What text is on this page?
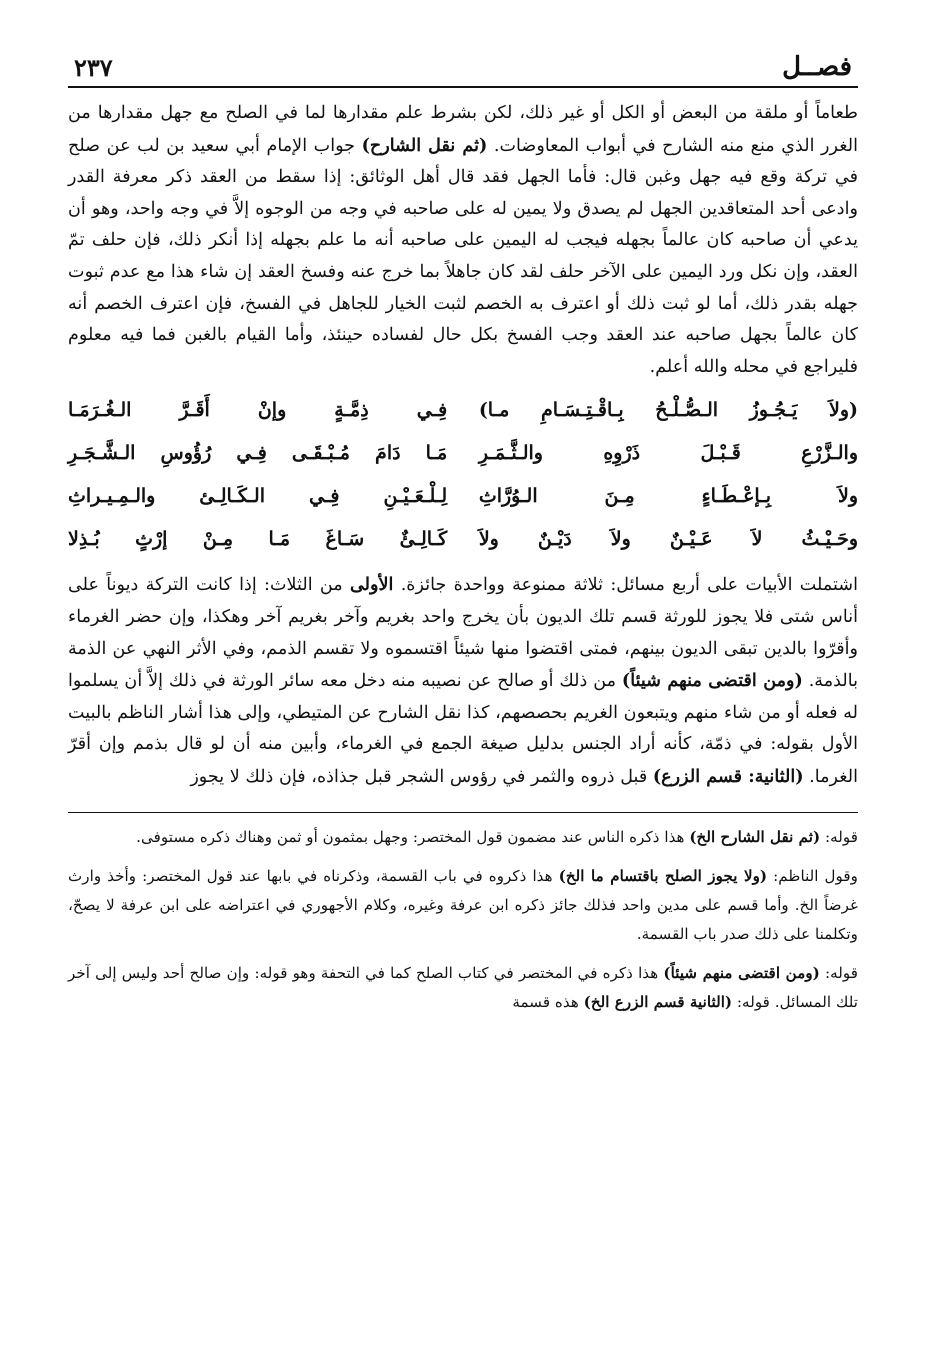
فصــل
٢٣٧

طعاماً أو ملقة من البعض أو الكل أو غير ذلك، لكن بشرط علم مقدارها لما في الصلح مع جهل مقدارها من الغرر الذي منع منه الشارح في أبواب المعاوضات. (ثم نقل الشارح) جواب الإمام أبي سعيد بن لب عن صلح في تركة وقع فيه جهل وغبن قال: فأما الجهل فقد قال أهل الوثائق: إذا سقط من العقد ذكر معرفة القدر وادعى أحد المتعاقدين الجهل لم يصدق ولا يمين له على صاحبه في وجه من الوجوه إلاَّ في وجه واحد، وهو أن يدعي أن صاحبه كان عالماً بجهله فيجب له اليمين على صاحبه أنه ما علم بجهله إذا أنكر ذلك، فإن حلف تمّ العقد، وإن نكل ورد اليمين على الآخر حلف لقد كان جاهلاً بما خرج عنه وفسخ العقد إن شاء هذا مع عدم ثبوت جهله بقدر ذلك، أما لو ثبت ذلك أو اعترف به الخصم لثبت الخيار للجاهل في الفسخ، فإن اعترف الخصم أنه كان عالماً بجهل صاحبه عند العقد وجب الفسخ بكل حال لفساده حينئذ، وأما القيام بالغبن فما فيه معلوم فليراجع في محله والله أعلم.

(ولاَ يَـجُـوزُ الـصُّـلْـحُ بِـاقْـتِـسَـامِ مـا)
فِـي ذِمَّـةٍ وإنْ أَقَـرَّ الـغُـرَمَـا
والـزَّرْعِ قَـبْـلَ ذَرْوِهِ والـثَّـمَـرِ
مَـا دَامَ مُـبْـقَـى فِـي رُؤُوسِ الـشَّـجَـرِ
ولاَ بِـإعْـطَـاءٍ مِـنَ الـوُرَّاثِ
لِـلْـعَـيْـنِ فِـي الـكَـالِـئ والـمِـيـراثِ
وحَـيْـثُ لاَ عَـيْـنٌ ولاَ دَيْـنٌ ولاَ
كَـالِـئٌ سَـاغَ مَـا مِـنْ إرْثٍ بُـذِلا

اشتملت الأبيات على أربع مسائل: ثلاثة ممنوعة وواحدة جائزة. الأولى من الثلاث: إذا كانت التركة ديوناً على أناس شتى فلا يجوز للورثة قسم تلك الديون بأن يخرج واحد بغريم وآخر بغريم آخر وهكذا، وإن حضر الغرماء وأقرّوا بالدين تبقى الديون بينهم، فمتى اقتضوا منها شيئاً اقتسموه ولا تقسم الذمم، وفي الأثر النهي عن الذمة بالذمة. (ومن اقتضى منهم شيئاً) من ذلك أو صالح عن نصيبه منه دخل معه سائر الورثة في ذلك إلاَّ أن يسلموا له فعله أو من شاء منهم ويتبعون الغريم بحصصهم، كذا نقل الشارح عن المتيطي، وإلى هذا أشار الناظم بالبيت الأول بقوله: في ذمّة، كأنه أراد الجنس بدليل صيغة الجمع في الغرماء، وأبين منه أن لو قال بذمم وإن أقرّ الغرما. (الثانية: قسم الزرع) قبل ذروه والثمر في رؤوس الشجر قبل جذاذه، فإن ذلك لا يجوز

قوله: (ثم نقل الشارح الخ) هذا ذكره الناس عند مضمون قول المختصر: وجهل بمثمون أو ثمن وهناك ذكره مستوفى.

وقول الناظم: (ولا يجوز الصلح باقتسام ما الخ) هذا ذكروه في باب القسمة، وذكرناه في بابها عند قول المختصر: وأخذ وارث غرضاً الخ. وأما قسم على مدين واحد فذلك جائز ذكره ابن عرفة وغيره، وكلام الأجهوري في اعتراضه على ابن عرفة لا يصحّ، وتكلمنا على ذلك صدر باب القسمة.

قوله: (ومن اقتضى منهم شيئاً) هذا ذكره في المختصر في كتاب الصلح كما في التحفة وهو قوله: وإن صالح أحد وليس إلى آخر تلك المسائل. قوله: (الثانية قسم الزرع الخ) هذه قسمة
